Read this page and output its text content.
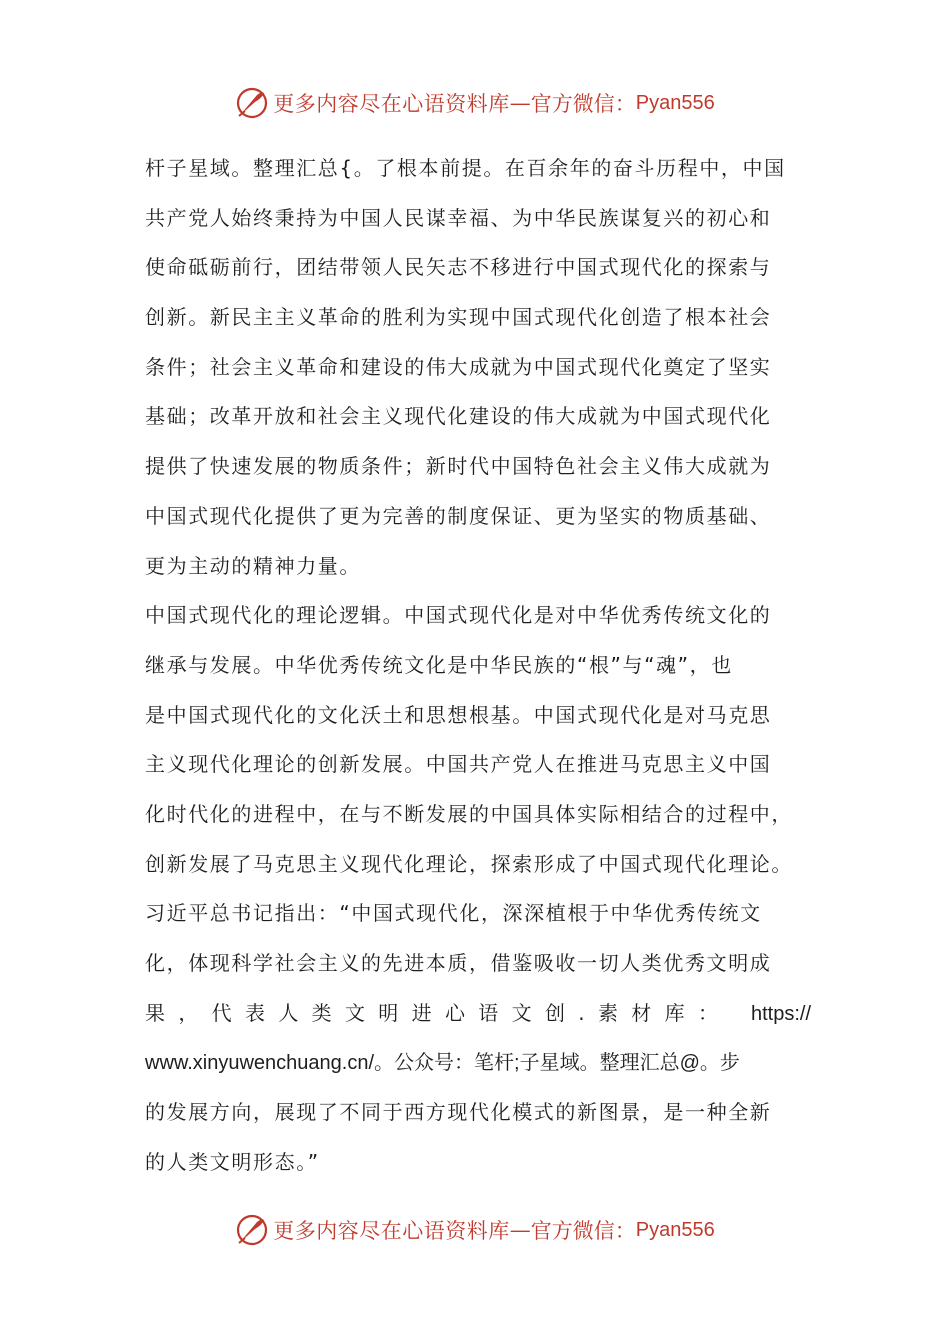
更多内容尽在心语资料库 — 官方微信： Pyan556
杆子星域。整理汇总{。了根本前提。在百余年的奋斗历程中，中国
共产党人始终秉持为中国人民谋幸福、为中华民族谋复兴的初心和
使命砥砺前行，团结带领人民矢志不移进行中国式现代化的探索与
创新。新民主主义革命的胜利为实现中国式现代化创造了根本社会
条件；社会主义革命和建设的伟大成就为中国式现代化奠定了坚实
基础；改革开放和社会主义现代化建设的伟大成就为中国式现代化
提供了快速发展的物质条件；新时代中国特色社会主义伟大成就为
中国式现代化提供了更为完善的制度保证、更为坚实的物质基础、
更为主动的精神力量。
中国式现代化的理论逻辑。中国式现代化是对中华优秀传统文化的
继承与发展。中华优秀传统文化是中华民族的“根”与“魂”，也
是中国式现代化的文化沃土和思想根基。中国式现代化是对马克思
主义现代化理论的创新发展。中国共产党人在推进马克思主义中国
化时代化的进程中，在与不断发展的中国具体实际相结合的过程中，
创新发展了马克思主义现代化理论，探索形成了中国式现代化理论。
习近平总书记指出：“中国式现代化，深深植根于中华优秀传统文
化，体现科学社会主义的先进本质，借鉴吸收一切人类优秀文明成
果，代表人类文明进心语文创.素材库： https://
www.xinyuwenchuang.cn/。公众号：笔杆;子星域。整理汇总@。步
的发展方向，展现了不同于西方现代化模式的新图景，是一种全新
的人类文明形态。”
更多内容尽在心语资料库 — 官方微信： Pyan556
